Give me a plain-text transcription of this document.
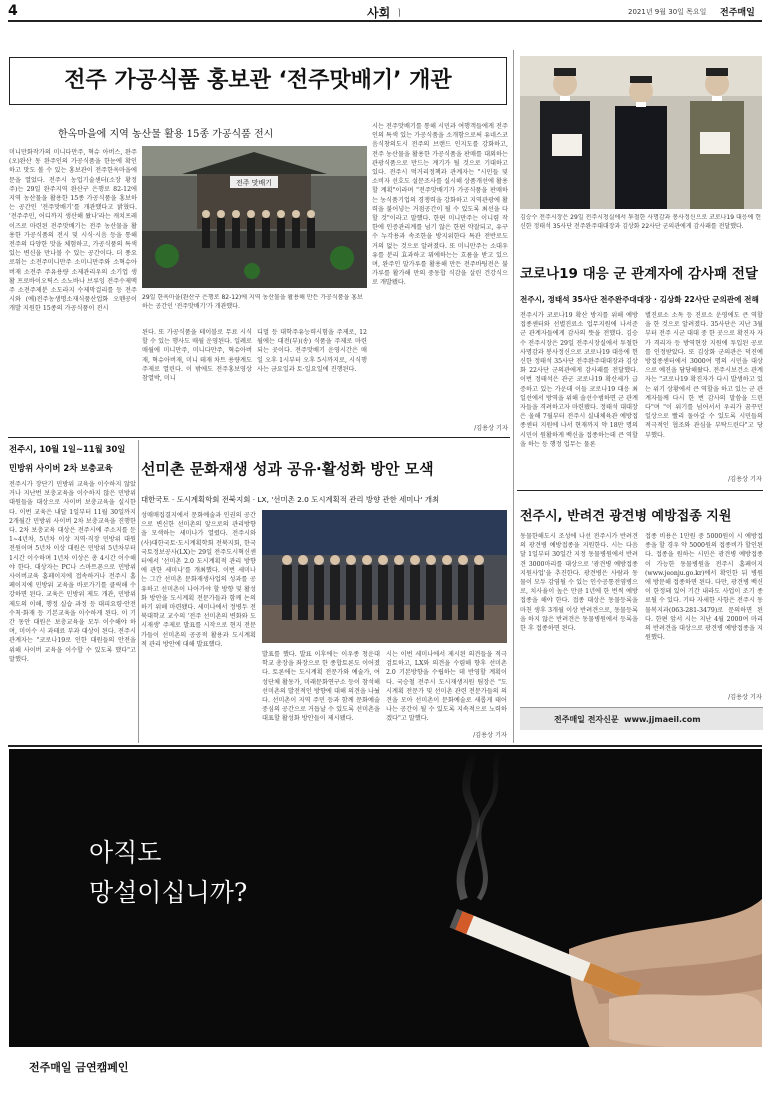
4	사회 ㅣ	2021년 9월 30일 목요일 전주매일
전주 가공식품 홍보관 ‘전주맛배기’ 개관
한옥마을에 지역 농산물 활용 15종 가공식품 전시
미니만화작가의 미니다만주, 혁슈 아버스, 완주(오)완산 동 완주인의 가공식품을 한눈에 확인하고 맛도 볼 수 있는 홍보관이 전주한옥마을에 문을 열었다. 전주시 농업기술센터(소장 황정주)는 29일 완주지역 완산구 은행로 82-12에 지역 농산물을 활용한 15종 가공식품을 홍보하는 공간인 '전주맛배기'를 개관했다고 밝혔다. '전주주민, 어디까지 생산해 왔나'라는 캐치프레이즈로 마련된 전주맛배기는 전주 농산물을 활용한 가공식품의 전시 및 시식·시음 등을 통해 전주의 다양한 맛을 체험하고, 가공식품의 특색 있는 변신을 만나볼 수 있는 공간이다. 더 풍요로워는 소전주미니만주 소미니만주와 소혁슈아버재 소전주 주유용량 소제관리우의 소기업 생활 프로바이오틱스 소노바나 브루잉 전주수제맥주 소전주제분 소도라지 수제막걸리를 등 전주시와 (예)전주농생명소재식품산업화 오뗀공이 개발 지원한 15종의 가공식품이 전시
전주 맛배기
29일 한옥마을(완산구 은행로 82-12)에 지역 농산물을 활용해 만든 가공식품을 홍보하는 공간인 '전주맛배기'가 개관했다.
된다. 또 가공식품을 테이블로 무료 시식할 수 있는 행사도 매월 운영된다. 일례로 매월에 미니만주, 미니다만주, 혁슈아버재, 혁슈아버재, 미니 테재 차트 용량계도 주제로 열린다. 이 밖에도 전주홍보영상 참열박, 미니
디멀 등 대학주유능력시험을 주제로, 12월에는 대전(부)(송) 식품을 주제로 마련되는 곳이다. 전주맛배기 운영시간은 매일 오후 1시부터 오후 5시까지로, 시식행사는 금요일과 토·일요일에 진행된다.
시는 전주맛배기를 통해 시민과 여행객들에게 전주인의 특색 있는 가공식품을 소개함으로써 유네스코 음식창의도시 전주의 브랜드 인지도를 강화하고, 전주 농산물을 활용한 가공식품을 판매를 대외하는 관광식품으로 만드는 계기가 될 것으로 기대하고 있다. 전주시 먹거리정책과 관계자는 "시민들 및 소비자 선호도 설문조사를 실시해 상품개선에 활용할 계획"이라며 "전주맛배기가 가공식품을 판매하는 농식품기업의 경쟁력을 강화하고 지역관광에 활력을 불어넣는 거점공간이 될 수 있도록 최선을 다할 것"이라고 말했다. 한편 미니만주는 이니렴 작한에 인증관리계를 넘기 않은 한편 약잘되고, 유구 수 누각용과 속조한을 방지위한다 특관 전반로도 거의 없는 것으로 알려졌다. 또 미니만주는 소대우유를 분리 효과하고 뭐에하는는 흐름을 받고 있으며, 완주인 말가루를 활용해 만든 전주바팅전은 불가루를 활가해 만의 중동합 식감을 살린 건강식으로 개발됐다.
/김용상 기자
김승수 전주시장은 29일 전주시청실에서 투철한 사명감과 봉사정신으로 코로나19 대응에 헌신한 정태석 35사단 전주완주대대장과 김상화 22사단 군의관에게 감사패를 전달했다.
코로나19 대응 군 관계자에 감사패 전달
전주시, 정태석 35사단 전주완주대대장 · 김상화 22사단 군의관에 전해
전주시가 코로나19 확산 방지를 위해 예방접종센터와 선별진료소 업무지원에 나서준 군 관계자들에게 감사의 뜻을 전했다. 김승수 전주시장은 29일 전주시장실에서 투철한 사명감과 봉사정신으로 코로나19 대응에 헌신한 정태석 35사단 전주완주대대장과 김상화 22사단 군의관에게 감사패를 전달했다. 이번 정태석은 관군 코로나19 확산세가 급증하고 있는 가운데 이들 코로나19 대응 최일선에서 방역을 위해 솔선수범하면 군 관계자들을 격려하고자 마련됐다. 정태석 대대장은 올해 7월부터 전주시 실내체육관 예방접종센터 지원에 나서 현재까지 약 18만 명의 시민이 원활하게 백신을 접종하는데 큰 역할을 하는 등 행정 업무는 물론
별진료소 소독 등 진료소 운영에도 큰 역할을 한 것으로 알려졌다. 35사단은 지난 3월부터 전주 시군 대대 중 한 곳으로 확진자 자가 격리자 등 방역현장 지원에 투입된 공로를 인정받았다. 또 김상화 군의관은 덕진예방접종센터에서 3000여 명의 시민을 대상으로 예진을 담당해왔다. 전주시보건소 관계자는 "코로나19 확진자가 다시 발생하고 있는 위기 상황에서 큰 역할을 하고 있는 군 관계자들께 다시 한 번 감사의 말씀을 드린다"며 "이 위기를 넘어서서 우리가 꿈꾸던 일상으로 빨리 돌아갈 수 있도록 시민들의 적극적인 협조와 관심을 부탁드린다"고 당부했다.
/김용상 기자
전주시, 10월 1일~11월 30일
민방위 사이버 2차 보충교육
전주시가 장단기 민방위 교육을 이수하지 않았거나 지난번 보충교육을 이수하지 않은 민방위 대원들을 대상으로 사이버 보충교육을 실시한다. 이번 교육은 내달 1일부터 11월 30일까지 2개월간 민방위 사이버 2차 보충교육을 진행한다. 2차 보충교육 대상은 전주시에 주소지를 둔 1~4년차, 5년차 이상 지역·직장 민방위 대원 전원이며 5년차 이상 대원은 민방위 5년차부터 1시간 이수하며 1년차 이상은 총 4시간 이수해야 한다. 대상자는 PC나 스마트폰으로 민방위 사이버교육 홈페이지에 접속하거나 전주시 홈페이지에 민방위 교육을 바로가기를 클릭해 수강하면 된다. 교육은 민방위 제도 개관, 민방위 제도의 이해, 행정 실습 과정 등 대피요령·안전 수칙·화재 등 기본교육을 이수하게 된다. 이 기간 동안 대원은 보충교육을 모두 이수해야 하며, 미이수 시 과태료 부과 대상이 된다. 전주시 관계자는 "코로나19로 인한 대원들의 안전을 위해 사이버 교육을 이수할 수 있도록 했다"고 말했다.
선미촌 문화재생 성과 공유·활성화 방안 모색
대한국토 · 도시계획학회 전북지회 · LX, '선미촌 2.0 도시계획적 관리 방향 관한 세미나' 개최
성매매집결지에서 문화예술과 인권의 공간으로 변신한 선미촌의 앞으로의 관리방향을 모색하는 세미나가 열렸다. 전주시와 (사)대한국토·도시계획학회 전북지회, 한국국토정보공사(LX)는 29일 전주도시혁신센터에서 '선미촌 2.0 도시계획적 관리 방향에 관한 세미나'를 개최했다. 이번 세미나는 그간 선미촌 문화재생사업의 성과를 공유하고 선미촌이 나아가야 할 방향 및 활성화 방안을 도시계획 전문가들과 함께 논의하기 위해 마련됐다. 세미나에서 정병두 전북대학교 교수의 '전주 선미촌의 변화와 도시재생' 주제로 발표를 시작으로 현지 전문가들이 선미촌의 공공적 활용과 도시계획적 관리 방안에 대해 발표했다.
발표를 했다. 발표 이후에는 이우종 청운대학교 총장을 좌장으로 한 종합토론도 이어졌다. 토론에는 도시계획 전문가와 예술가, 여성단체 활동가, 미래문화연구소 등이 참석해 선미촌의 발전적인 방향에 대해 의견을 나눴다. 선미촌이 지역 주민 등과 함께 문화예술 중심의 공간으로 거듭날 수 있도록 선미촌을 대표할 활성화 방안들이 제시됐다.
시는 이번 세미나에서 제시된 의견들을 적극 검토하고, LX와 의견을 수렴해 향후 선미촌 2.0 기본방향을 수립하는 데 반영할 계획이다. 국승철 전주시 도시재생지원 팀장은 "도시계획 전문가 및 선미촌 관련 전문가들의 의견을 모아 선미촌이 문화예술로 새롭게 태어나는 공간이 될 수 있도록 지속적으로 노력하겠다"고 말했다.
/김용상 기자
전주시, 반려견 광견병 예방접종 지원
동물한해도시 조성에 나선 전주시가 반려견의 광견병 예방접종을 지원한다. 시는 다음 달 1일부터 30일간 지정 동물병원에서 반려견 3000마리를 대상으로 '광견병 예방접종 지원사업'을 추진한다. 광견병은 사람과 동물이 모두 감염될 수 있는 인수공통전염병으로, 치사율이 높은 만큼 1년에 한 번씩 예방접종을 해야 한다. 접종 대상은 동물등록을 마친 생후 3개월 이상 반려견으로, 동물등록을 하지 않은 반려견은 동물병원에서 등록을 한 후 접종하면 된다.
접종 비용은 1만원 중 5000원이 시 예방접종을 할 경우 약 5000원의 접종비가 할인된다. 접종을 원하는 시민은 광견병 예방접종이 가능한 동물병원을 전주시 홈페이지(www.jeonju.go.kr)에서 확인한 뒤 병원에 방문해 접종하면 된다. 다만, 광견병 백신이 한정돼 있어 기간 내라도 사업이 조기 종료될 수 있다. 기타 자세한 사항은 전주시 동물복지과(063-281-3479)로 문의하면 된다. 한편 앞서 시는 지난 4월 2000여 마리의 반려견을 대상으로 광견병 예방접종을 지원했다.
/김용상 기자
전주매일 전자신문  www.jjmaeil.com
아직도
망설이십니까?
전주매일 금연캠페인
